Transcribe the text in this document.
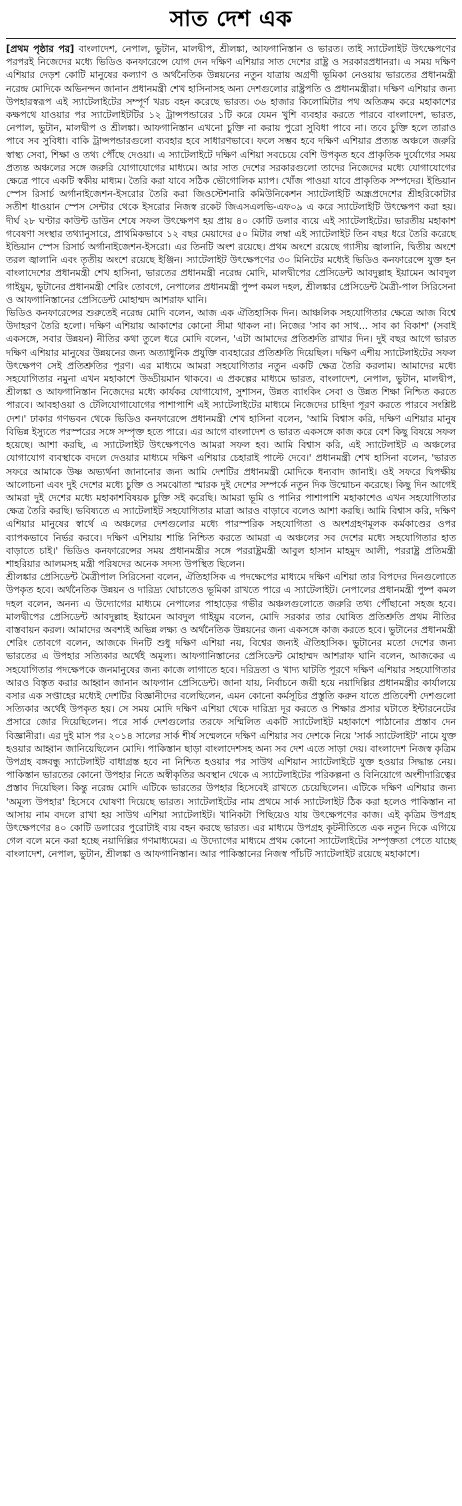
সাত দেশ এক

[প্রথম পৃষ্ঠার পর] বাংলাদেশ, নেপাল, ভুটান, মালদ্বীপ, শ্রীলঙ্কা, আফগানিস্তান ও ভারত। তাই স্যাটেলাইট উৎক্ষেপণের পরপরই নিজেদের মধ্যে ভিডিও কনফারেন্সে যোগ দেন দক্ষিণ এশিয়ার সাত দেশের রাষ্ট্র ও সরকারপ্রধানরা। এ সময় দক্ষিণ এশিয়ার দেড়শ কোটি মানুষের কল্যাণ ও অর্থনৈতিক উন্নয়নের নতুন যাত্রায় অগ্রণী ভূমিকা নেওয়ায় ভারতের প্রধানমন্ত্রী নরেন্দ্র মোদিকে অভিনন্দন জানান প্রধানমন্ত্রী শেখ হাসিনাসহ অন্য দেশগুলোর রাষ্ট্রপতি ও প্রধানমন্ত্রীরা। দক্ষিণ এশিয়ার জন্য উপহারস্বরূপ এই স্যাটেলাইটের সম্পূর্ণ খরচ বহন করেছে ভারত। ৩৬ হাজার কিলোমিটার পথ অতিক্রম করে মহাকাশের কক্ষপথে যাওয়ার পর স্যাটেলাইটটির ১২ ট্রান্সপন্ডারের ১টি করে যেমন খুশি ব্যবহার করতে পারবে বাংলাদেশ, ভারত, নেপাল, ভুটান, মালদ্বীপ ও শ্রীলঙ্কা। আফগানিস্তান এখনো চুক্তি না করায় পুরো সুবিধা পাবে না। তবে চুক্তি হলে তারাও পাবে সব সুবিধা। বাকি ট্রান্সপন্ডারগুলো ব্যবহার হবে সাধারণভাবে। ফলে সম্ভব হবে দক্ষিণ এশিয়ার প্রত্যন্ত অঞ্চলে জরুরি স্বাস্থ্য সেবা, শিক্ষা ও তথ্য পৌঁছে দেওয়া। এ স্যাটেলাইটে দক্ষিণ এশিয়া সবচেয়ে বেশি উপকৃত হবে প্রাকৃতিক দুর্যোগের সময় প্রত্যন্ত অঞ্চলের সঙ্গে জরুরি যোগাযোগের মাধ্যমে। আর সাত দেশের সরকারগুলো তাদের নিজেদের মধ্যে যোগাযোগের ক্ষেত্রে পাবে একটি স্বকীয় মাধ্যম। তৈরি করা যাবে সঠিক ভৌগোলিক ম্যাপ। খোঁজ পাওয়া যাবে প্রাকৃতিক সম্পদের। ইন্ডিয়ান স্পেস রিসার্চ অর্গানাইজেশন-ইসরোর তৈরি করা জিওস্টেশনারি কমিউনিকেশন স্যাটেলাইটি অন্ধ্রপ্রদেশের শ্রীহরিকোটার সতীশ ধাওয়ান স্পেস সেন্টার থেকে ইসরোর নিজস্ব রকেট জিএসএলভি-এফ০৯ এ করে স্যাটেলাইটি উৎক্ষেপণ করা হয়। দীর্ঘ ২৮ ঘণ্টার কাউন্ট ডাউন শেষে সফল উৎক্ষেপণ হয় প্রায় ৪০ কোটি ডলার ব্যয়ে এই স্যাটেলাইটের। ভারতীয় মহাকাশ গবেষণা সংস্থার তথ্যানুসারে, প্রাথমিকভাবে ১২ বছর মেয়াদের ৫০ মিটার লম্বা এই স্যাটেলাইট তিন বছর ধরে তৈরি করেছে ইন্ডিয়ান স্পেস রিসার্চ অর্গানাইজেশন-ইসরো। এর তিনটি অংশ রয়েছে। প্রথম অংশে রয়েছে গ্যাসীয় জ্বালানি, দ্বিতীয় অংশে তরল জ্বালানি এবং তৃতীয় অংশে রয়েছে ইঞ্জিন। স্যাটেলাইট উৎক্ষেপণের ৩০ মিনিটের মধ্যেই ভিডিও কনফারেন্সে যুক্ত হন বাংলাদেশের প্রধানমন্ত্রী শেখ হাসিনা, ভারতের প্রধানমন্ত্রী নরেন্দ্র মোদি, মালদ্বীপের প্রেসিডেন্ট আবদুল্লাহ ইয়ামেন আবদুল গাইয়ুম, ভুটানের প্রধানমন্ত্রী শেরিং তোবগে, নেপালের প্রধানমন্ত্রী পুষ্প কমল দহল, শ্রীলঙ্কার প্রেসিডেন্ট মৈত্রী-পাল সিরিসেনা ও আফগানিস্তানের প্রেসিডেন্ট মোহাম্মদ আশরাফ ঘানি।

ভিডিও কনফারেন্সের শুরুতেই নরেন্দ্র মোদি বলেন, আজ এক ঐতিহাসিক দিন। আঞ্চলিক সহযোগিতার ক্ষেত্রে আজ বিশ্বে উদাহরণ তৈরি হলো। দক্ষিণ এশিয়ায় আকাশের কোনো সীমা থাকল না। নিজের 'সাব কা সাথ... সাব কা বিকাশ' (সবাই একসঙ্গে, সবার উন্নয়ন) নীতির কথা তুলে ধরে মোদি বলেন, 'এটা আমাদের প্রতিশ্রুতি রাখার দিন। দুই বছর আগে ভারত দক্ষিণ এশিয়ার মানুষের উন্নয়নের জন্য অত্যাধুনিক প্রযুক্তি ব্যবহারের প্রতিশ্রুতি দিয়েছিল। দক্ষিণ এশীয় স্যাটেলাইটের সফল উৎক্ষেপণ সেই প্রতিশ্রুতির পূরণ। এর মাধ্যমে আমরা সহযোগিতার নতুন একটি ক্ষেত্র তৈরি করলাম। আমাদের মধ্যে সহযোগিতার নমুনা এখন মহাকাশে উড্ডীয়মান থাকবে। এ প্রকল্পের মাধ্যমে ভারত, বাংলাদেশ, নেপাল, ভুটান, মালদ্বীপ, শ্রীলঙ্কা ও আফগানিস্তান নিজেদের মধ্যে কার্যকর যোগাযোগ, সুশাসন, উন্নত ব্যাংকিং সেবা ও উন্নত শিক্ষা নিশ্চিত করতে পারবে। আবহাওয়া ও টেলিযোগাযোগের পাশাপাশি এই স্যাটেলাইটের মাধ্যমে নিজেদের চাহিদা পূরণ করতে পারবে সংশ্লিষ্ট দেশ।' ঢাকার গণভবন থেকে ভিডিও কনফারেন্সে প্রধানমন্ত্রী শেখ হাসিনা বলেন, 'আমি বিশ্বাস করি, দক্ষিণ এশিয়ার মানুষ বিভিন্ন ইস্যুতে পরস্পরের সঙ্গে সম্পৃক্ত হতে পারে। এর আগে বাংলাদেশ ও ভারত একসঙ্গে কাজ করে বেশ কিছু বিষয়ে সফল হয়েছে। আশা করছি, এ স্যাটেলাইট উৎক্ষেপণেও আমরা সফল হব। আমি বিশ্বাস করি, এই স্যাটেলাইট এ অঞ্চলের যোগাযোগ ব্যবস্থাকে বদলে দেওয়ার মাধ্যমে দক্ষিণ এশিয়ার চেহারাই পাল্টে দেবে।' প্রধানমন্ত্রী শেখ হাসিনা বলেন, 'ভারত সফরে আমাকে উষ্ণ অভ্যর্থনা জানানোর জন্য আমি দেশটির প্রধানমন্ত্রী মোদিকে ধন্যবাদ জানাই। ওই সফরে দ্বিপক্ষীয় আলোচনা এবং দুই দেশের মধ্যে চুক্তি ও সমঝোতা স্মারক দুই দেশের সম্পর্কে নতুন দিক উন্মোচন করেছে। কিছু দিন আগেই আমরা দুই দেশের মধ্যে মহাকাশবিষয়ক চুক্তি সই করেছি। আমরা ভূমি ও পানির পাশাপাশি মহাকাশেও এখন সহযোগিতার ক্ষেত্র তৈরি করছি। ভবিষ্যতে এ স্যাটেলাইট সহযোগিতার মাত্রা আরও বাড়াবে বলেও আশা করছি। আমি বিশ্বাস করি, দক্ষিণ এশিয়ার মানুষের স্বার্থে এ অঞ্চলের দেশগুলোর মধ্যে পারস্পরিক সহযোগিতা ও অংশগ্রহণমূলক কর্মকাণ্ডের ওপর ব্যাপকভাবে নির্ভর করবে। দক্ষিণ এশিয়ায় শান্তি নিশ্চিত করতে আমরা এ অঞ্চলের সব দেশের মধ্যে সহযোগিতার হাত বাড়াতে চাই।' ভিডিও কনফারেন্সের সময় প্রধানমন্ত্রীর সঙ্গে পররাষ্ট্রমন্ত্রী আবুল হাসান মাহমুদ আলী, পররাষ্ট্র প্রতিমন্ত্রী শাহরিয়ার আলমসহ মন্ত্রী পরিষদের অনেক সদস্য উপস্থিত ছিলেন।

শ্রীলঙ্কার প্রেসিডেন্ট মৈত্রীপাল সিরিসেনা বলেন, ঐতিহাসিক এ পদক্ষেপের মাধ্যমে দক্ষিণ এশিয়া তার বিপদের দিনগুলোতে উপকৃত হবে। অর্থনৈতিক উন্নয়ন ও দারিদ্র্য ঘোচাতেও ভূমিকা রাখতে পারে এ স্যাটেলাইট। নেপালের প্রধানমন্ত্রী পুষ্প কমল দহল বলেন, অনন্য এ উদ্যোগের মাধ্যমে নেপালের পাহাড়ের গভীর অঞ্চলগুলোতে জরুরি তথ্য পৌঁছানো সহজ হবে। মালদ্বীপের প্রেসিডেন্ট আবদুল্লাহ ইয়ামেন আবদুল গাইয়ুম বলেন, মোদি সরকার তার ঘোষিত প্রতিশ্রুতি প্রথম নীতির বাস্তবায়ন করল। আমাদের অবশ্যই অভিন্ন লক্ষ্য ও অর্থনৈতিক উন্নয়নের জন্য একসঙ্গে কাজ করতে হবে। ভুটানের প্রধানমন্ত্রী শেরিং তোবগে বলেন, আজকে দিনটি শুধু দক্ষিণ এশিয়া নয়, বিশ্বের জন্যই ঐতিহাসিক। ভুটানের মতো দেশের জন্য ভারতের এ উপহার সত্যিকার অর্থেই অমূল্য। আফগানিস্তানের প্রেসিডেন্ট মোহাম্মদ আশরাফ ঘানি বলেন, আজকের এ সহযোগিতার পদক্ষেপকে জনমানুষের জন্য কাজে লাগাতে হবে। দরিদ্রতা ও খাদ্য ঘাটতি পূরণে দক্ষিণ এশিয়ার সহযোগিতার আরও বিস্তৃত করার আহ্বান জানান আফগান প্রেসিডেন্ট। জানা যায়, নির্বাচনে জয়ী হয়ে নয়াদিল্লির প্রধানমন্ত্রীর কার্যালয়ে বসার এক সপ্তাহের মধ্যেই দেশটির বিজ্ঞানীদের বলেছিলেন, এমন কোনো কর্মসূচির প্রস্তুতি করুন যাতে প্রতিবেশী দেশগুলো সত্যিকার অর্থেই উপকৃত হয়। সে সময় মোদি দক্ষিণ এশিয়া থেকে দারিদ্র্য দূর করতে ও শিক্ষার প্রসার ঘটাতে ইন্টারনেটের প্রসারে জোর দিয়েছিলেন। পরে সার্ক দেশগুলোর তরফে সম্মিলিত একটি স্যাটেলাইট মহাকাশে পাঠানোর প্রস্তাব দেন বিজ্ঞানীরা। এর দুই মাস পর ২০১৪ সালের সার্ক শীর্ষ সম্মেলনে দক্ষিণ এশিয়ার সব দেশকে নিয়ে 'সার্ক স্যাটেলাইট' নামে যুক্ত হওয়ার আহ্বান জানিয়েছিলেন মোদি। পাকিস্তান ছাড়া বাংলাদেশসহ অন্য সব দেশ এতে সাড়া দেয়। বাংলাদেশ নিজস্ব কৃত্রিম উপগ্রহ বঙ্গবন্ধু স্যাটেলাইট বাধাগ্রস্ত হবে না নিশ্চিত হওয়ার পর সাউথ এশিয়ান স্যাটেলাইটে যুক্ত হওয়ার সিদ্ধান্ত নেয়। পাকিস্তান ভারতের কোনো উপহার নিতে অস্বীকৃতির অবস্থান থেকে এ স্যাটেলাইটের পরিকল্পনা ও বিনিয়োগে অংশীদারিত্বের প্রস্তাব দিয়েছিল। কিন্তু নরেন্দ্র মোদি এটিকে ভারতের উপহার হিসেবেই রাখতে চেয়েছিলেন। এটিকে দক্ষিণ এশিয়ার জন্য 'অমূল্য উপহার' হিসেবে ঘোষণা দিয়েছে ভারত। স্যাটেলাইটের নাম প্রথমে সার্ক স্যাটেলাইট ঠিক করা হলেও পাকিস্তান না আসায় নাম বদলে রাখা হয় সাউথ এশিয়া স্যাটেলাইট। খানিকটা পিছিয়েও যায় উৎক্ষেপণের কাজ। এই কৃত্রিম উপগ্রহ উৎক্ষেপণের ৪০ কোটি ডলারের পুরোটাই ব্যয় বহন করছে ভারত। এর মাধ্যমে উপগ্রহ কূটনীতিতে এক নতুন দিকে এগিয়ে গেল বলে মনে করা হচ্ছে নয়াদিল্লির গণমাধ্যমের। এ উদ্যোগের মাধ্যমে প্রথম কোনো স্যাটেলাইটের সম্পৃক্ততা পেতে যাচ্ছে বাংলাদেশ, নেপাল, ভুটান, শ্রীলঙ্কা ও আফগানিস্তান। আর পাকিস্তানের নিজস্ব পাঁচটি স্যাটেলাইট রয়েছে মহাকাশে।
